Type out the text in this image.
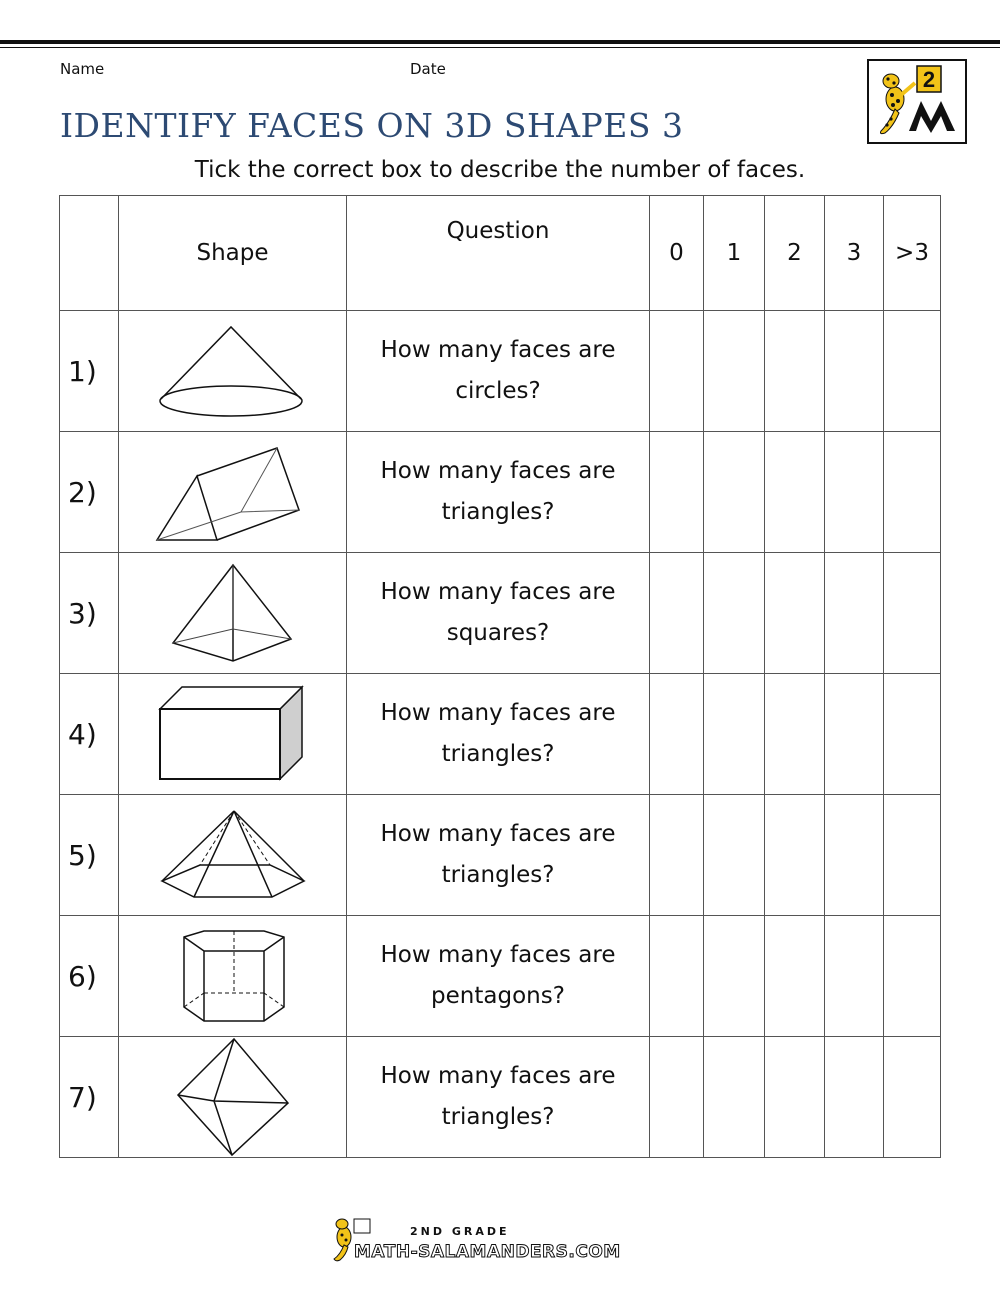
Name	Date
IDENTIFY FACES ON 3D SHAPES 3
Tick the correct box to describe the number of faces.
2
	Shape	Question	0	1	2	3	>3
1)		How many faces are
circles?					

2)		How many faces are
triangles?					

3)		How many faces are
squares?					

4)		How many faces are
triangles?					

5)		How many faces are
triangles?					

6)		How many faces are
pentagons?					

7)		How many faces are
triangles?					

2ND GRADE
MATH-SALAMANDERS.COM
